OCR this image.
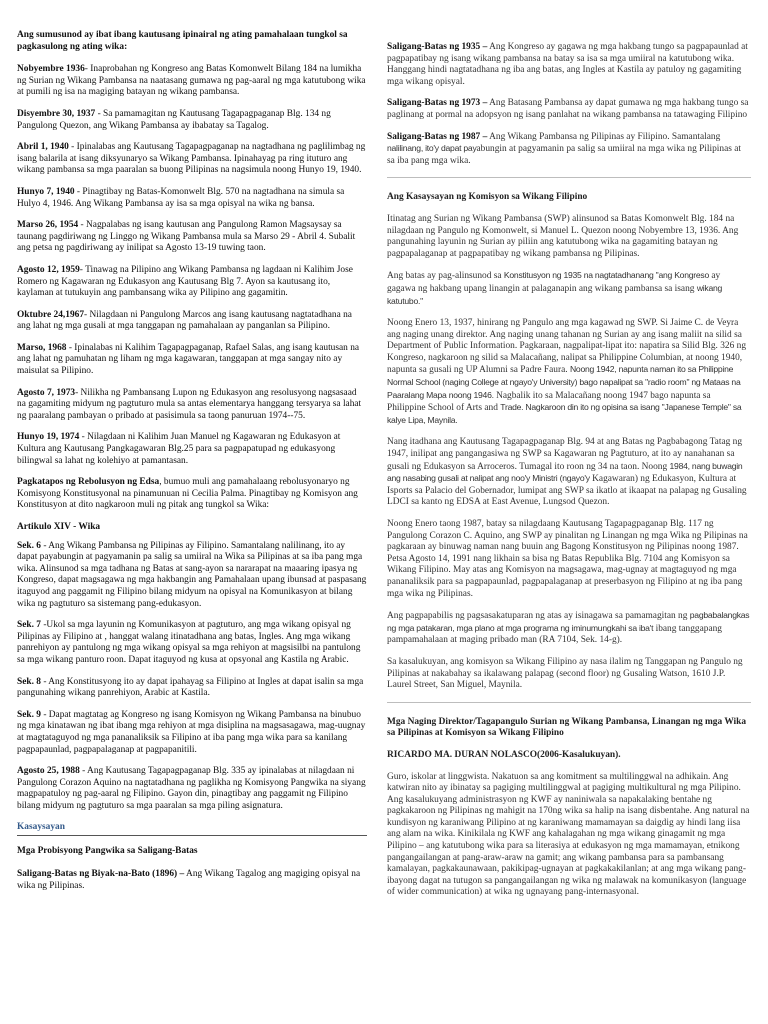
Ang sumusunod ay ibat ibang kautusang ipinairal ng ating pamahalaan tungkol sa pagkasulong ng ating wika:

Nobyembre 1936- Inaprobahan ng Kongreso ang Batas Komonwelt Bilang 184 na lumikha ng Surian ng Wikang Pambansa na naatasang gumawa ng pag-aaral ng mga katutubong wika at pumili ng isa na magiging batayan ng wikang pambansa.

Disyembre 30, 1937 - Sa pamamagitan ng Kautusang Tagapagpaganap Blg. 134 ng Pangulong Quezon, ang Wikang Pambansa ay ibabatay sa Tagalog.

Abril 1, 1940 - Ipinalabas ang Kautusang Tagapagpaganap na nagtadhana ng paglilimbag ng isang balarila at isang diksyunaryo sa Wikang Pambansa. Ipinahayag pa ring ituturo ang wikang pambansa sa mga paaralan sa buong Pilipinas na nagsimula noong Hunyo 19, 1940.

Hunyo 7, 1940 - Pinagtibay ng Batas-Komonwelt Blg. 570 na nagtadhana na simula sa Hulyo 4, 1946. Ang Wikang Pambansa ay isa sa mga opisyal na wika ng bansa.

Marso 26, 1954 - Nagpalabas ng isang kautusan ang Pangulong Ramon Magsaysay sa taunang pagdiriwang ng Linggo ng Wikang Pambansa mula sa Marso 29 - Abril 4. Subalit ang petsa ng pagdiriwang ay inilipat sa Agosto 13-19 tuwing taon.

Agosto 12, 1959- Tinawag na Pilipino ang Wikang Pambansa ng lagdaan ni Kalihim Jose Romero ng Kagawaran ng Edukasyon ang Kautusang Blg 7. Ayon sa kautusang ito, kaylaman at tutukuyin ang pambansang wika ay Pilipino ang gagamitin.

Oktubre 24,1967- Nilagdaan ni Pangulong Marcos ang isang kautusang nagtatadhana na ang lahat ng mga gusali at mga tanggapan ng pamahalaan ay panganlan sa Pilipino.

Marso, 1968 - Ipinalabas ni Kalihim Tagapagpaganap, Rafael Salas, ang isang kautusan na ang lahat ng pamuhatan ng liham ng mga kagawaran, tanggapan at mga sangay nito ay maisulat sa Pilipino.

Agosto 7, 1973- Nilikha ng Pambansang Lupon ng Edukasyon ang resolusyong nagsasaad na gagamiting midyum ng pagtuturo mula sa antas elementarya hanggang tersyarya sa lahat ng paaralang pambayan o pribado at pasisimula sa taong panuruan 1974--75.

Hunyo 19, 1974 - Nilagdaan ni Kalihim Juan Manuel ng Kagawaran ng Edukasyon at Kultura ang Kautusang Pangkagawaran Blg.25 para sa pagpapatupad ng edukasyong bilingwal sa lahat ng kolehiyo at pamantasan.

Pagkatapos ng Rebolusyon ng Edsa, bumuo muli ang pamahalaang rebolusyonaryo ng Komisyong Konstitusyonal na pinamunuan ni Cecilia Palma. Pinagtibay ng Komisyon ang Konstitusyon at dito nagkaroon muli ng pitak ang tungkol sa Wika:

Artikulo XIV - Wika

Sek. 6 - Ang Wikang Pambansa ng Pilipinas ay Filipino. Samantalang nalilinang, ito ay dapat payabungin at pagyamanin pa salig sa umiiral na Wika sa Pilipinas at sa iba pang mga wika. Alinsunod sa mga tadhana ng Batas at sang-ayon sa nararapat na maaaring ipasya ng Kongreso, dapat magsagawa ng mga hakbangin ang Pamahalaan upang ibunsad at paspasang itaguyod ang paggamit ng Filipino bilang midyum na opisyal na Komunikasyon at bilang wika ng pagtuturo sa sistemang pang-edukasyon.

Sek. 7 -Ukol sa mga layunin ng Komunikasyon at pagtuturo, ang mga wikang opisyal ng Pilipinas ay Filipino at , hanggat walang itinatadhana ang batas, Ingles. Ang mga wikang panrehiyon ay pantulong ng mga wikang opisyal sa mga rehiyon at magsisilbi na pantulong sa mga wikang panturo roon. Dapat itaguyod ng kusa at opsyonal ang Kastila ng Arabic.

Sek. 8 - Ang Konstitusyong ito ay dapat ipahayag sa Filipino at Ingles at dapat isalin sa mga pangunahing wikang panrehiyon, Arabic at Kastila.

Sek. 9 - Dapat magtatag ag Kongreso ng isang Komisyon ng Wikang Pambansa na binubuo ng mga kinatawan ng ibat ibang mga rehiyon at mga disiplina na magsasagawa, mag-uugnay at magtataguyod ng mga pananaliksik sa Filipino at iba pang mga wika para sa kanilang pagpapaunlad, pagpapalaganap at pagpapanitili.

Agosto 25, 1988 - Ang Kautusang Tagapagpaganap Blg. 335 ay ipinalabas at nilagdaan ni Pangulong Corazon Aquino na nagtatadhana ng paglikha ng Komisyong Pangwika na siyang magpapatuloy ng pag-aaral ng Filipino. Gayon din, pinagtibay ang paggamit ng Filipino bilang midyum ng pagtuturo sa mga paaralan sa mga piling asignatura.

Kasaysayan

Mga Probisyong Pangwika sa Saligang-Batas

Saligang-Batas ng Biyak-na-Bato (1896) – Ang Wikang Tagalog ang magiging opisyal na wika ng Pilipinas.

Saligang-Batas ng 1935 – Ang Kongreso ay gagawa ng mga hakbang tungo sa pagpapaunlad at pagpapatibay ng isang wikang pambansa na batay sa isa sa mga umiiral na katutubong wika. Hanggang hindi nagtatadhana ng iba ang batas, ang Ingles at Kastila ay patuloy ng gagamiting mga wikang opisyal.

Saligang-Batas ng 1973 – Ang Batasang Pambansa ay dapat gumawa ng mga hakbang tungo sa paglinang at pormal na adopsyon ng isang panlahat na wikang pambansa na tatawaging Filipino

Saligang-Batas ng 1987 – Ang Wikang Pambansa ng Pilipinas ay Filipino. Samantalang nalilinang, ito'y dapat payabungin at pagyamanin pa salig sa umiiral na mga wika ng Pilipinas at sa iba pang mga wika.

Ang Kasaysayan ng Komisyon sa Wikang Filipino

Itinatag ang Surian ng Wikang Pambansa (SWP) alinsunod sa Batas Komonwelt Blg. 184 na nilagdaan ng Pangulo ng Komonwelt, si Manuel L. Quezon noong Nobyembre 13, 1936. Ang pangunahing layunin ng Surian ay piliin ang katutubong wika na gagamiting batayan ng pagpapalaganap at pagpapatibay ng wikang pambansa ng Pilipinas.

Ang batas ay pag-alinsunod sa Konstitusyon ng 1935 na nagtatadhanang "ang Kongreso ay gagawa ng hakbang upang linangin at palaganapin ang wikang pambansa sa isang wikang katutubo."

Noong Enero 13, 1937, hinirang ng Pangulo ang mga kagawad ng SWP. Si Jaime C. de Veyra ang naging unang direktor. Ang naging unang tahanan ng Surian ay ang isang maliit na silid sa Department of Public Information. Pagkaraan, nagpalipat-lipat ito: napatira sa Silid Blg. 326 ng Kongreso, nagkaroon ng silid sa Malacañang, nalipat sa Philippine Columbian, at noong 1940, napunta sa gusali ng UP Alumni sa Padre Faura. Noong 1942, napunta naman ito sa Philippine Normal School (naging College at ngayo'y University) bago napalipat sa "radio room" ng Mataas na Paaralang Mapa noong 1946. Nagbalik ito sa Malacañang noong 1947 bago napunta sa Philippine School of Arts and Trade. Nagkaroon din ito ng opisina sa isang "Japanese Temple" sa kalye Lipa, Maynila.

Nang itadhana ang Kautusang Tagapagpaganap Blg. 94 at ang Batas ng Pagbabagong Tatag ng 1947, inilipat ang pangangasiwa ng SWP sa Kagawaran ng Pagtuturo, at ito ay nanahanan sa gusali ng Edukasyon sa Arroceros. Tumagal ito roon ng 34 na taon. Noong 1984, nang buwagin ang nasabing gusali at nalipat ang noo'y Ministri (ngayo'y Kagawaran) ng Edukasyon, Kultura at Isports sa Palacio del Gobernador, lumipat ang SWP sa ikatlo at ikaapat na palapag ng Gusaling LDCI sa kanto ng EDSA at East Avenue, Lungsod Quezon.

Noong Enero taong 1987, batay sa nilagdaang Kautusang Tagapagpaganap Blg. 117 ng Pangulong Corazon C. Aquino, ang SWP ay pinalitan ng Linangan ng mga Wika ng Pilipinas na pagkaraan ay binuwag naman nang buuin ang Bagong Konstitusyon ng Pilipinas noong 1987. Petsa Agosto 14, 1991 nang likhain sa bisa ng Batas Republika Blg. 7104 ang Komisyon sa Wikang Filipino. May atas ang Komisyon na magsagawa, mag-ugnay at magtaguyod ng mga pananaliksik para sa pagpapaunlad, pagpapalaganap at preserbasyon ng Filipino at ng iba pang mga wika ng Pilipinas.

Ang pagpapabilis ng pagsasakatuparan ng atas ay isinagawa sa pamamagitan ng pagbabalangkas ng mga patakaran, mga plano at mga programa ng iminumungkahi sa iba't ibang tanggapang pampamahalaan at maging pribado man (RA 7104, Sek. 14-g).

Sa kasalukuyan, ang komisyon sa Wikang Filipino ay nasa ilalim ng Tanggapan ng Pangulo ng Pilipinas at nakabahay sa ikalawang palapag (second floor) ng Gusaling Watson, 1610 J.P. Laurel Street, San Miguel, Maynila.

Mga Naging Direktor/Tagapangulo Surian ng Wikang Pambansa, Linangan ng mga Wika sa Pilipinas at Komisyon sa Wikang Filipino

RICARDO MA. DURAN NOLASCO(2006-Kasalukuyan).

Guro, iskolar at linggwista. Nakatuon sa ang komitment sa multilinggwal na adhikain. Ang katwiran nito ay ibinatay sa pagiging multilinggwal at pagiging multikultural ng mga Pilipino. Ang kasalukuyang administrasyon ng KWF ay naniniwala sa napakalaking bentahe ng pagkakaroon ng Pilipinas ng mahigit na 170ng wika sa halip na isang disbentahe. Ang natural na kundisyon ng karaniwang Pilipino at ng karaniwang mamamayan sa daigdig ay hindi lang iisa ang alam na wika. Kinikilala ng KWF ang kahalagahan ng mga wikang ginagamit ng mga Pilipino – ang katutubong wika para sa literasiya at edukasyon ng mga mamamayan, etnikong pangangailangan at pang-araw-araw na gamit; ang wikang pambansa para sa pambansang kamalayan, pagkakaunawaan, pakikipag-ugnayan at pagkakakilanlan; at ang mga wikang pang-ibayong dagat na tutugon sa pangangailangan ng wika ng malawak na komunikasyon (language of wider communication) at wika ng ugnayang pang-internasyonal.
